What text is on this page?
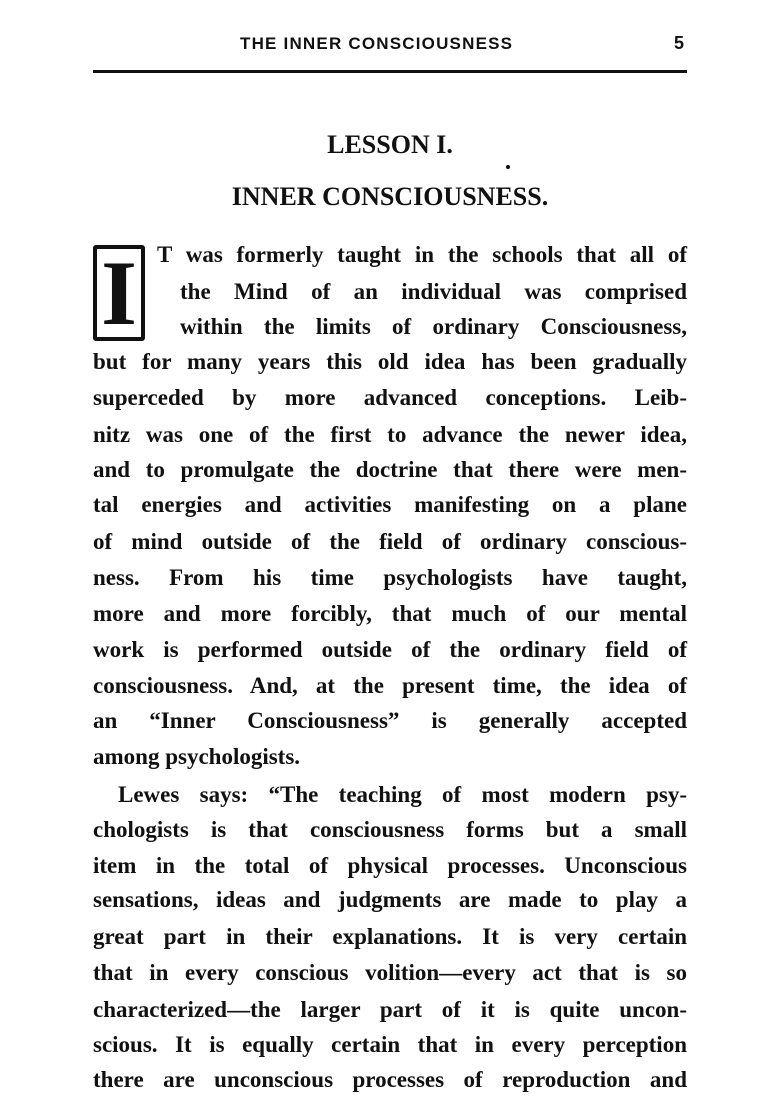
THE INNER CONSCIOUSNESS	5
LESSON I.
INNER CONSCIOUSNESS.
I T was formerly taught in the schools that all of
the Mind of an individual was comprised
within the limits of ordinary Consciousness,
but for many years this old idea has been gradually
superceded by more advanced conceptions. Leib-
nitz was one of the first to advance the newer idea,
and to promulgate the doctrine that there were men-
tal energies and activities manifesting on a plane
of mind outside of the field of ordinary conscious-
ness. From his time psychologists have taught,
more and more forcibly, that much of our mental
work is performed outside of the ordinary field of
consciousness. And, at the present time, the idea of
an “Inner Consciousness” is generally accepted
among psychologists.
Lewes says: “The teaching of most modern psy-
chologists is that consciousness forms but a small
item in the total of physical processes. Unconscious
sensations, ideas and judgments are made to play a
great part in their explanations. It is very certain
that in every conscious volition—every act that is so
characterized—the larger part of it is quite uncon-
scious. It is equally certain that in every perception
there are unconscious processes of reproduction and
